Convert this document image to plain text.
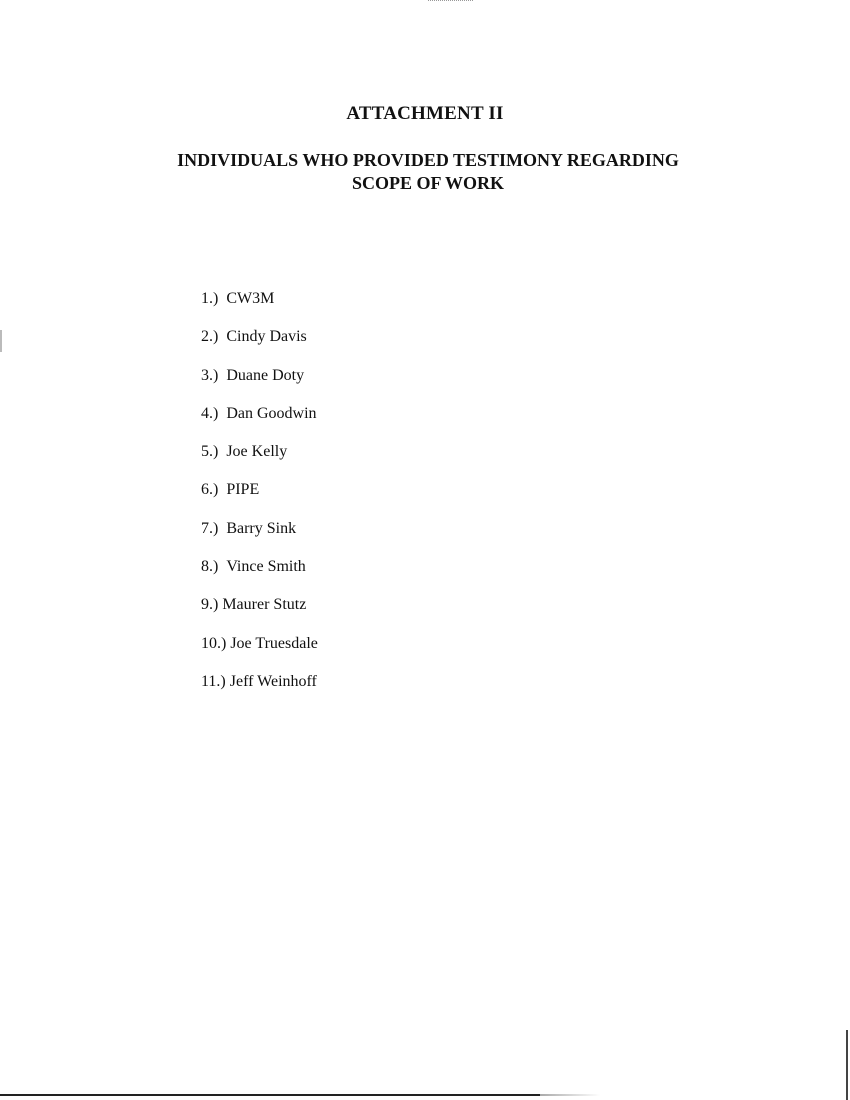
ATTACHMENT II
INDIVIDUALS WHO PROVIDED TESTIMONY REGARDING
SCOPE OF WORK
1.) CW3M
2.) Cindy Davis
3.) Duane Doty
4.) Dan Goodwin
5.) Joe Kelly
6.) PIPE
7.) Barry Sink
8.) Vince Smith
9.) Maurer Stutz
10.) Joe Truesdale
11.) Jeff Weinhoff
